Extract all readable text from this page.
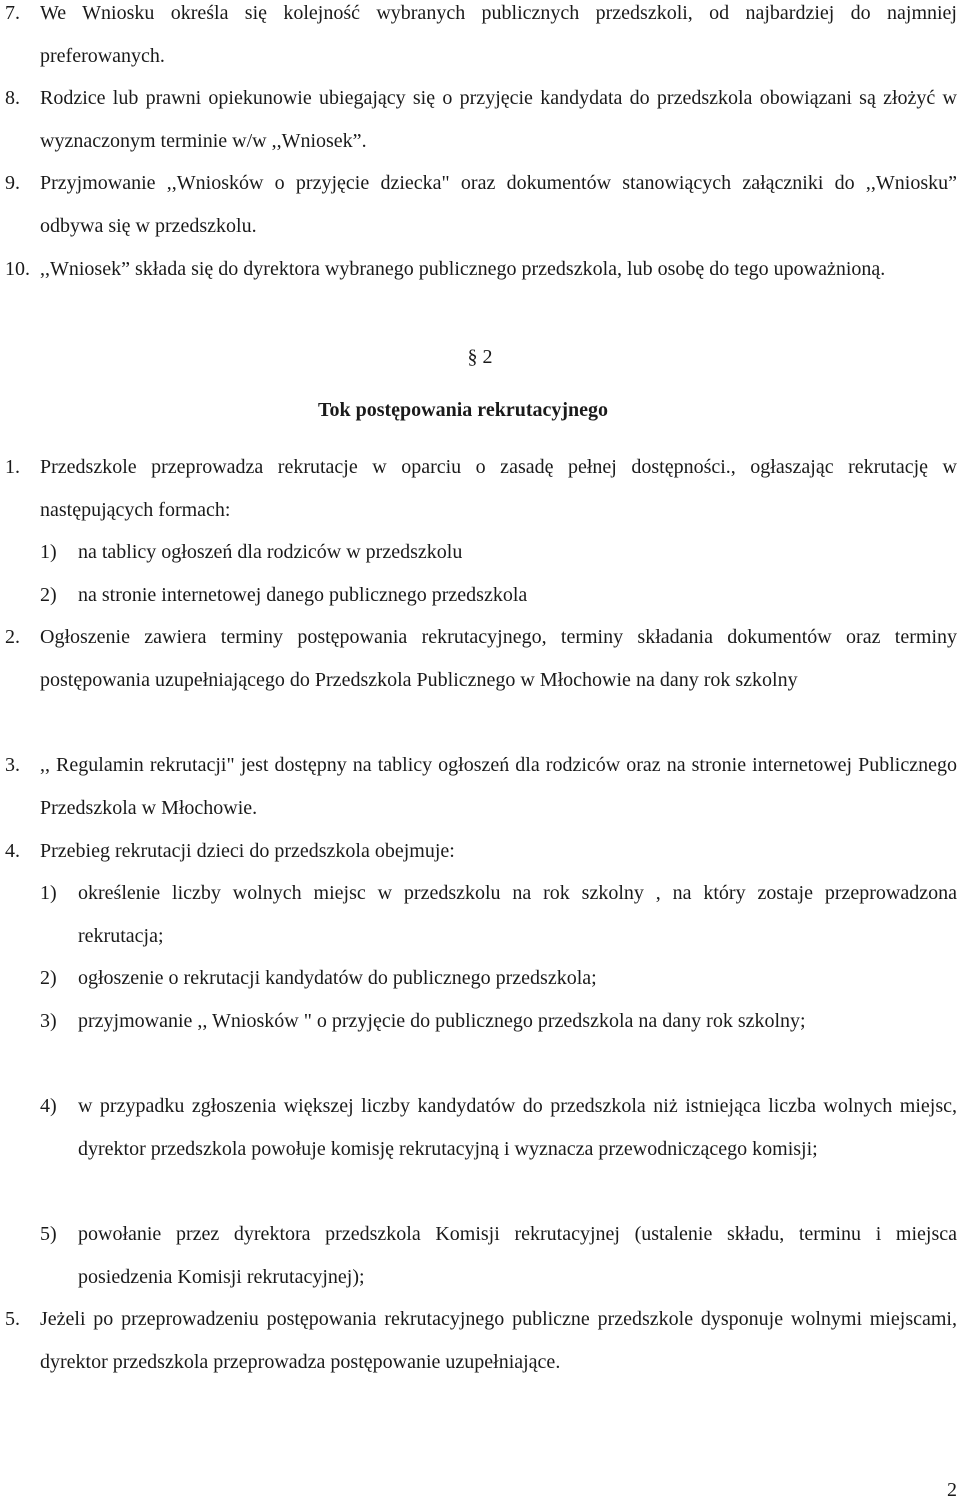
7. We Wniosku określa się kolejność wybranych publicznych przedszkoli, od najbardziej do najmniej preferowanych.
8. Rodzice lub prawni opiekunowie ubiegający się o przyjęcie kandydata do przedszkola obowiązani są złożyć w wyznaczonym terminie w/w ,,Wniosek”.
9. Przyjmowanie ,,Wniosków o przyjęcie dziecka" oraz dokumentów stanowiących załączniki do ,,Wniosku” odbywa się w przedszkolu.
10. ,,Wniosek” składa się do dyrektora wybranego publicznego przedszkola, lub osobę do tego upoważnioną.
§ 2
Tok postępowania rekrutacyjnego
1. Przedszkole przeprowadza rekrutacje w oparciu o zasadę pełnej dostępności., ogłaszając rekrutację w następujących formach:
1) na tablicy ogłoszeń dla rodziców w przedszkolu
2) na stronie internetowej danego publicznego przedszkola
2. Ogłoszenie zawiera terminy postępowania rekrutacyjnego, terminy składania dokumentów oraz terminy postępowania uzupełniającego do Przedszkola Publicznego w Młochowie na dany rok szkolny
3. ,, Regulamin rekrutacji" jest dostępny na tablicy ogłoszeń dla rodziców oraz na stronie internetowej Publicznego Przedszkola w Młochowie.
4. Przebieg rekrutacji dzieci do przedszkola obejmuje:
1) określenie liczby wolnych miejsc w przedszkolu na rok szkolny , na który zostaje przeprowadzona rekrutacja;
2) ogłoszenie o rekrutacji kandydatów do publicznego przedszkola;
3) przyjmowanie ,, Wniosków " o przyjęcie do publicznego przedszkola na dany rok szkolny;
4) w przypadku zgłoszenia większej liczby kandydatów do przedszkola niż istniejąca liczba wolnych miejsc, dyrektor przedszkola powołuje komisję rekrutacyjną i wyznacza przewodniczącego komisji;
5) powołanie przez dyrektora przedszkola Komisji rekrutacyjnej (ustalenie składu, terminu i miejsca posiedzenia Komisji rekrutacyjnej);
5. Jeżeli po przeprowadzeniu postępowania rekrutacyjnego publiczne przedszkole dysponuje wolnymi miejscami, dyrektor przedszkola przeprowadza postępowanie uzupełniające.
2
